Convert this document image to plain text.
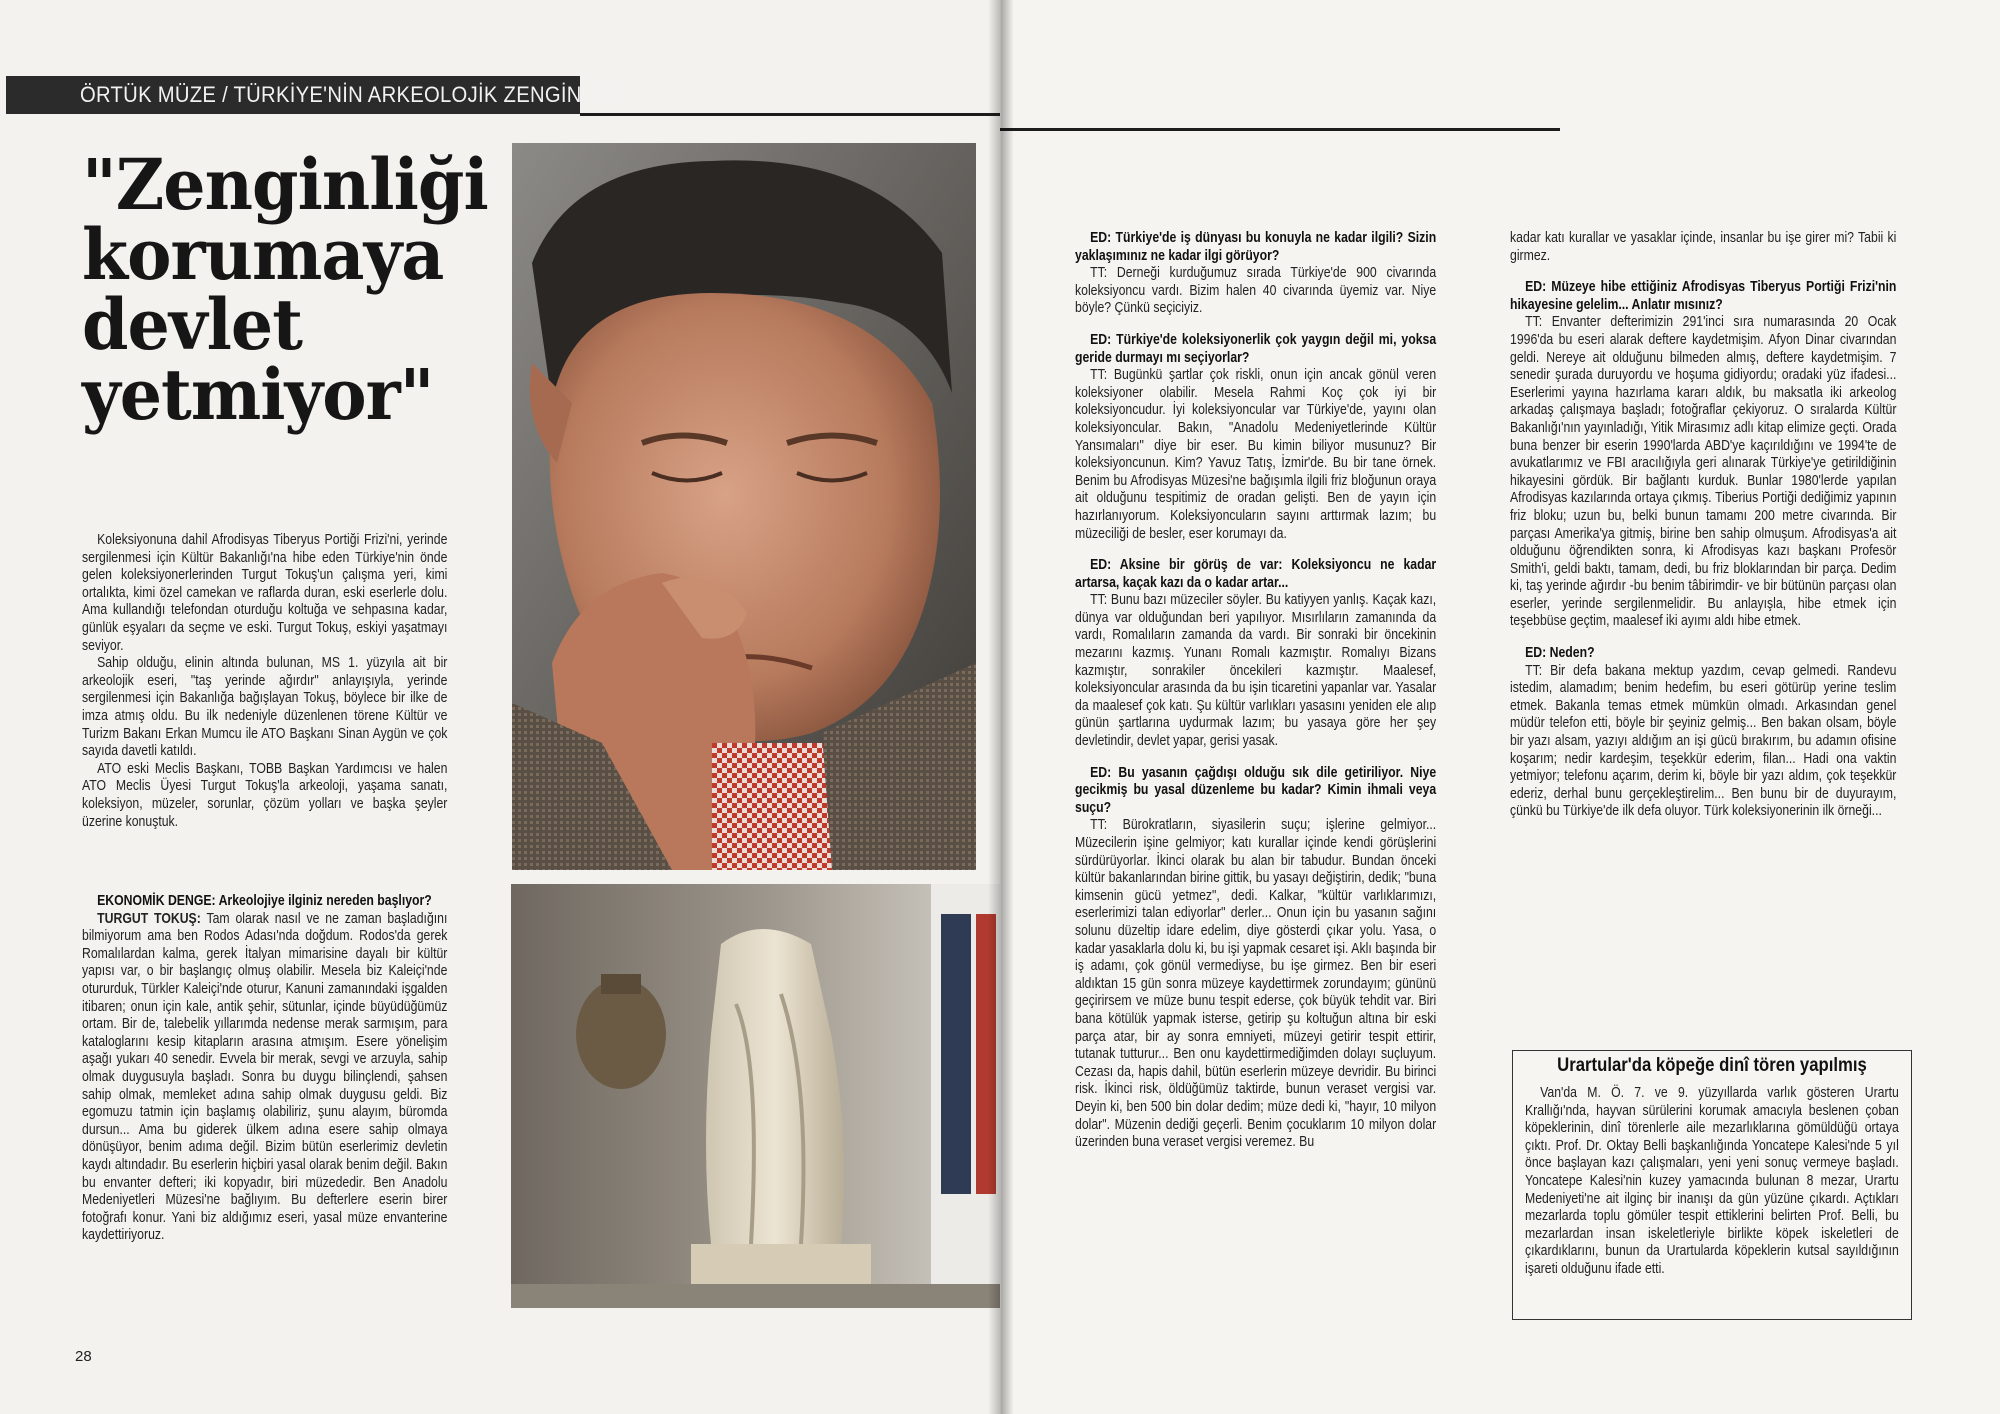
ÖRTÜK MÜZE / TÜRKİYE'NİN ARKEOLOJİK ZENGİNLİĞİ
"Zenginliği
korumaya
devlet
yetmiyor"

Koleksiyonuna dahil Afrodisyas Tiberyus Portiği Frizi'ni, yerinde sergilenmesi için Kültür Bakanlığı'na hibe eden Türkiye'nin önde gelen koleksiyonerlerinden Turgut Tokuş'un çalışma yeri, kimi ortalıkta, kimi özel camekan ve raflarda duran, eski eserlerle dolu. Ama kullandığı telefondan oturduğu koltuğa ve sehpasına kadar, günlük eşyaları da seçme ve eski. Turgut Tokuş, eskiyi yaşatmayı seviyor.

Sahip olduğu, elinin altında bulunan, MS 1. yüzyıla ait bir arkeolojik eseri, "taş yerinde ağırdır" anlayışıyla, yerinde sergilenmesi için Bakanlığa bağışlayan Tokuş, böylece bir ilke de imza atmış oldu. Bu ilk nedeniyle düzenlenen törene Kültür ve Turizm Bakanı Erkan Mumcu ile ATO Başkanı Sinan Aygün ve çok sayıda davetli katıldı.

ATO eski Meclis Başkanı, TOBB Başkan Yardımcısı ve halen ATO Meclis Üyesi Turgut Tokuş'la arkeoloji, yaşama sanatı, koleksiyon, müzeler, sorunlar, çözüm yolları ve başka şeyler üzerine konuştuk.

EKONOMİK DENGE: Arkeolojiye ilginiz nereden başlıyor?

TURGUT TOKUŞ: Tam olarak nasıl ve ne zaman başladığını bilmiyorum ama ben Rodos Adası'nda doğdum. Rodos'da gerek Romalılardan kalma, gerek İtalyan mimarisine dayalı bir kültür yapısı var, o bir başlangıç olmuş olabilir. Mesela biz Kaleiçi'nde otururduk, Türkler Kaleiçi'nde oturur, Kanuni zamanındaki işgalden itibaren; onun için kale, antik şehir, sütunlar, içinde büyüdüğümüz ortam. Bir de, talebelik yıllarımda nedense merak sarmışım, para kataloglarını kesip kitapların arasına atmışım. Esere yönelişim aşağı yukarı 40 senedir. Evvela bir merak, sevgi ve arzuyla, sahip olmak duygusuyla başladı. Sonra bu duygu bilinçlendi, şahsen sahip olmak, memleket adına sahip olmak duygusu geldi. Biz egomuzu tatmin için başlamış olabiliriz, şunu alayım, büromda dursun... Ama bu giderek ülkem adına esere sahip olmaya dönüşüyor, benim adıma değil. Bizim bütün eserlerimiz devletin kaydı altındadır. Bu eserlerin hiçbiri yasal olarak benim değil. Bakın bu envanter defteri; iki kopyadır, biri müzededir. Ben Anadolu Medeniyetleri Müzesi'ne bağlıyım. Bu defterlere eserin birer fotoğrafı konur. Yani biz aldığımız eseri, yasal müze envanterine kaydettiriyoruz.

28

ED: Türkiye'de iş dünyası bu konuyla ne kadar ilgili? Sizin yaklaşımınız ne kadar ilgi görüyor?

TT: Derneği kurduğumuz sırada Türkiye'de 900 civarında koleksiyoncu vardı. Bizim halen 40 civarında üyemiz var. Niye böyle? Çünkü seçiciyiz.

ED: Türkiye'de koleksiyonerlik çok yaygın değil mi, yoksa geride durmayı mı seçiyorlar?

TT: Bugünkü şartlar çok riskli, onun için ancak gönül veren koleksiyoner olabilir. Mesela Rahmi Koç çok iyi bir koleksiyoncudur. İyi koleksiyoncular var Türkiye'de, yayını olan koleksiyoncular. Bakın, "Anadolu Medeniyetlerinde Kültür Yansımaları" diye bir eser. Bu kimin biliyor musunuz? Bir koleksiyoncunun. Kim? Yavuz Tatış, İzmir'de. Bu bir tane örnek. Benim bu Afrodisyas Müzesi'ne bağışımla ilgili friz bloğunun oraya ait olduğunu tespitimiz de oradan gelişti. Ben de yayın için hazırlanıyorum. Koleksiyoncuların sayını arttırmak lazım; bu müzeciliği de besler, eser korumayı da.

ED: Aksine bir görüş de var: Koleksiyoncu ne kadar artarsa, kaçak kazı da o kadar artar...

TT: Bunu bazı müzeciler söyler. Bu katiyyen yanlış. Kaçak kazı, dünya var olduğundan beri yapılıyor. Mısırlıların zamanında da vardı, Romalıların zamanda da vardı. Bir sonraki bir öncekinin mezarını kazmış. Yunanı Romalı kazmıştır. Romalıyı Bizans kazmıştır, sonrakiler öncekileri kazmıştır. Maalesef, koleksiyoncular arasında da bu işin ticaretini yapanlar var. Yasalar da maalesef çok katı. Şu kültür varlıkları yasasını yeniden ele alıp günün şartlarına uydurmak lazım; bu yasaya göre her şey devletindir, devlet yapar, gerisi yasak.

ED: Bu yasanın çağdışı olduğu sık dile getiriliyor. Niye gecikmiş bu yasal düzenleme bu kadar? Kimin ihmali veya suçu?

TT: Bürokratların, siyasilerin suçu; işlerine gelmiyor... Müzecilerin işine gelmiyor; katı kurallar içinde kendi görüşlerini sürdürüyorlar. İkinci olarak bu alan bir tabudur. Bundan önceki kültür bakanlarından birine gittik, bu yasayı değiştirin, dedik; "buna kimsenin gücü yetmez", dedi. Kalkar, "kültür varlıklarımızı, eserlerimizi talan ediyorlar" derler... Onun için bu yasanın sağını solunu düzeltip idare edelim, diye gösterdi çıkar yolu. Yasa, o kadar yasaklarla dolu ki, bu işi yapmak cesaret işi. Aklı başında bir iş adamı, çok gönül vermediyse, bu işe girmez. Ben bir eseri aldıktan 15 gün sonra müzeye kaydettirmek zorundayım; gününü geçirirsem ve müze bunu tespit ederse, çok büyük tehdit var. Biri bana kötülük yapmak isterse, getirip şu koltuğun altına bir eski parça atar, bir ay sonra emniyeti, müzeyi getirir tespit ettirir, tutanak tutturur... Ben onu kaydettirmediğimden dolayı suçluyum. Cezası da, hapis dahil, bütün eserlerin müzeye devridir. Bu birinci risk. İkinci risk, öldüğümüz taktirde, bunun veraset vergisi var. Deyin ki, ben 500 bin dolar dedim; müze dedi ki, "hayır, 10 milyon dolar". Müzenin dediği geçerli. Benim çocuklarım 10 milyon dolar üzerinden buna veraset vergisi veremez. Bu

kadar katı kurallar ve yasaklar içinde, insanlar bu işe girer mi? Tabii ki girmez.

ED: Müzeye hibe ettiğiniz Afrodisyas Tiberyus Portiği Frizi'nin hikayesine gelelim... Anlatır mısınız?

TT: Envanter defterimizin 291'inci sıra numarasında 20 Ocak 1996'da bu eseri alarak deftere kaydetmişim. Afyon Dinar civarından geldi. Nereye ait olduğunu bilmeden almış, deftere kaydetmişim. 7 senedir şurada duruyordu ve hoşuma gidiyordu; oradaki yüz ifadesi... Eserlerimi yayına hazırlama kararı aldık, bu maksatla iki arkeolog arkadaş çalışmaya başladı; fotoğraflar çekiyoruz. O sıralarda Kültür Bakanlığı'nın yayınladığı, Yitik Mirasımız adlı kitap elimize geçti. Orada buna benzer bir eserin 1990'larda ABD'ye kaçırıldığını ve 1994'te de avukatlarımız ve FBI aracılığıyla geri alınarak Türkiye'ye getirildiğinin hikayesini gördük. Bir bağlantı kurduk. Bunlar 1980'lerde yapılan Afrodisyas kazılarında ortaya çıkmış. Tiberius Portiği dediğimiz yapının friz bloku; uzun bu, belki bunun tamamı 200 metre civarında. Bir parçası Amerika'ya gitmiş, birine ben sahip olmuşum. Afrodisyas'a ait olduğunu öğrendikten sonra, ki Afrodisyas kazı başkanı Profesör Smith'i, geldi baktı, tamam, dedi, bu friz bloklarından bir parça. Dedim ki, taş yerinde ağırdır -bu benim tâbirimdir- ve bir bütünün parçası olan eserler, yerinde sergilenmelidir. Bu anlayışla, hibe etmek için teşebbüse geçtim, maalesef iki ayımı aldı hibe etmek.

ED: Neden?

TT: Bir defa bakana mektup yazdım, cevap gelmedi. Randevu istedim, alamadım; benim hedefim, bu eseri götürüp yerine teslim etmek. Bakanla temas etmek mümkün olmadı. Arkasından genel müdür telefon etti, böyle bir şeyiniz gelmiş... Ben bakan olsam, böyle bir yazı alsam, yazıyı aldığım an işi gücü bırakırım, bu adamın ofisine koşarım; nedir kardeşim, teşekkür ederim, filan... Hadi ona vaktin yetmiyor; telefonu açarım, derim ki, böyle bir yazı aldım, çok teşekkür ederiz, derhal bunu gerçekleştirelim... Ben bunu bir de duyurayım, çünkü bu Türkiye'de ilk defa oluyor. Türk koleksiyonerinin ilk örneği...

Urartular'da köpeğe dinî tören yapılmış

Van'da M. Ö. 7. ve 9. yüzyıllarda varlık gösteren Urartu Krallığı'nda, hayvan sürülerini korumak amacıyla beslenen çoban köpeklerinin, dinî törenlerle aile mezarlıklarına gömüldüğü ortaya çıktı. Prof. Dr. Oktay Belli başkanlığında Yoncatepe Kalesi'nde 5 yıl önce başlayan kazı çalışmaları, yeni yeni sonuç vermeye başladı. Yoncatepe Kalesi'nin kuzey yamacında bulunan 8 mezar, Urartu Medeniyeti'ne ait ilginç bir inanışı da gün yüzüne çıkardı. Açtıkları mezarlarda toplu gömüler tespit ettiklerini belirten Prof. Belli, bu mezarlardan insan iskeletleriyle birlikte köpek iskeletleri de çıkardıklarını, bunun da Urartularda köpeklerin kutsal sayıldığının işareti olduğunu ifade etti.
